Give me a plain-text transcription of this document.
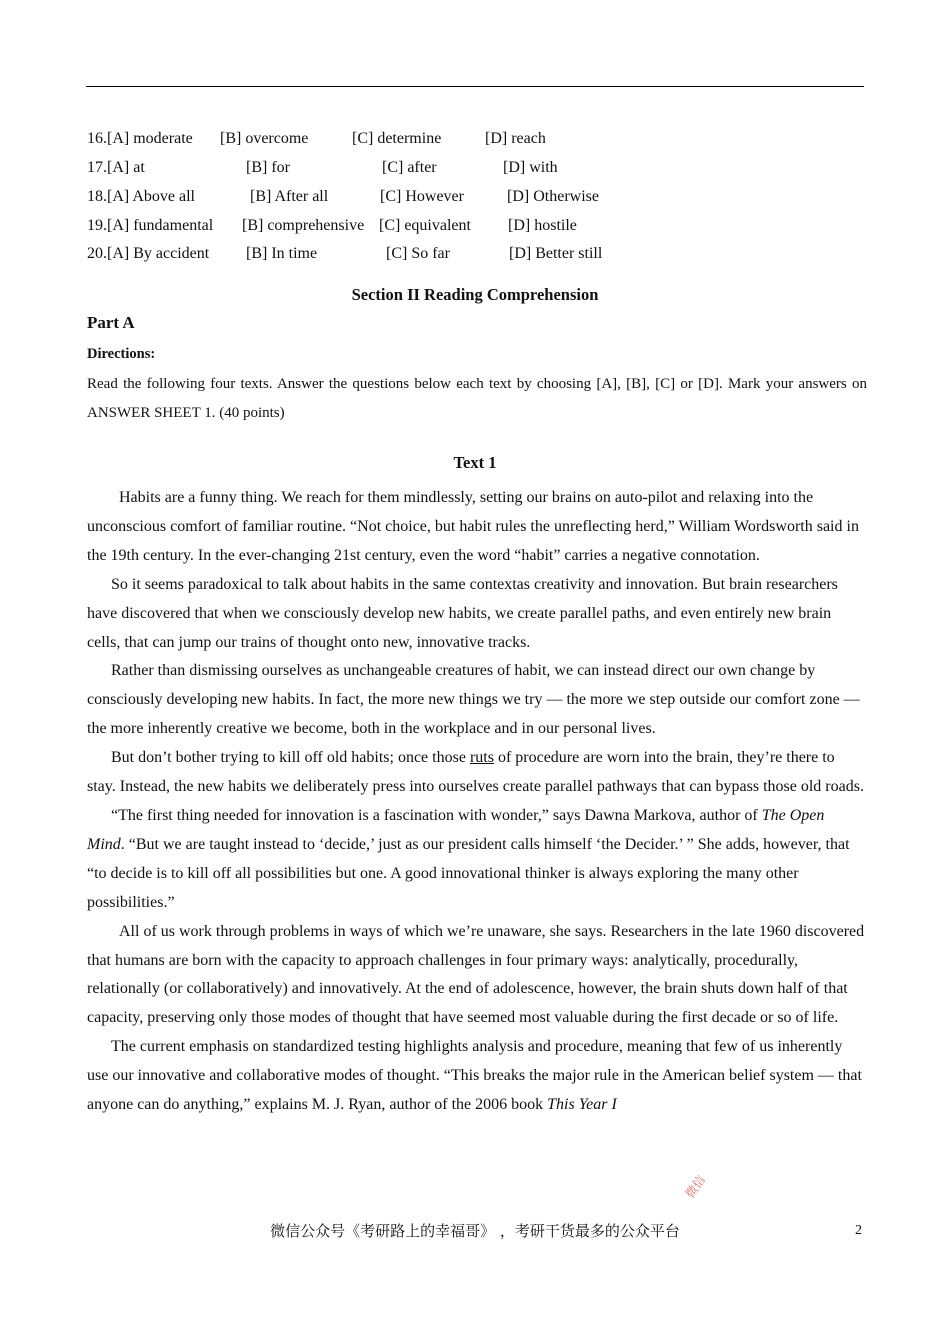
16.[A] moderate [B] overcome	[C] determine	[D] reach
17.[A] at	[B] for	[C] after	[D] with
18.[A] Above all	[B] After all	[C] However	[D] Otherwise
19.[A] fundamental [B] comprehensive [C] equivalent [D] hostile
20.[A] By accident [B] In time	[C] So far	[D] Better still
Section II Reading Comprehension
Part A
Directions:
Read the following four texts. Answer the questions below each text by choosing [A], [B], [C] or [D]. Mark your answers on ANSWER SHEET 1. (40 points)
Text 1

Habits are a funny thing. We reach for them mindlessly, setting our brains on auto-pilot and relaxing into the unconscious comfort of familiar routine. “Not choice, but habit rules the unreflecting herd,” William Wordsworth said in the 19th century. In the ever-changing 21st century, even the word “habit” carries a negative connotation.

So it seems paradoxical to talk about habits in the same contextas creativity and innovation. But brain researchers have discovered that when we consciously develop new habits, we create parallel paths, and even entirely new brain cells, that can jump our trains of thought onto new, innovative tracks.

Rather than dismissing ourselves as unchangeable creatures of habit, we can instead direct our own change by consciously developing new habits. In fact, the more new things we try — the more we step outside our comfort zone — the more inherently creative we become, both in the workplace and in our personal lives.

But don’t bother trying to kill off old habits; once those ruts of procedure are worn into the brain, they’re there to stay. Instead, the new habits we deliberately press into ourselves create parallel pathways that can bypass those old roads.

“The first thing needed for innovation is a fascination with wonder,” says Dawna Markova, author of The Open Mind. “But we are taught instead to ‘decide,’ just as our president calls himself ‘the Decider.’ ” She adds, however, that “to decide is to kill off all possibilities but one. A good innovational thinker is always exploring the many other possibilities.”

All of us work through problems in ways of which we’re unaware, she says. Researchers in the late 1960 discovered that humans are born with the capacity to approach challenges in four primary ways: analytically, procedurally, relationally (or collaboratively) and innovatively. At the end of adolescence, however, the brain shuts down half of that capacity, preserving only those modes of thought that have seemed most valuable during the first decade or so of life.

The current emphasis on standardized testing highlights analysis and procedure, meaning that few of us inherently use our innovative and collaborative modes of thought. “This breaks the major rule in the American belief system — that anyone can do anything,” explains M. J. Ryan, author of the 2006 book This Year I

微信
微信公众号《考研路上的幸福哥》 ，考研干货最多的公众平台	2
